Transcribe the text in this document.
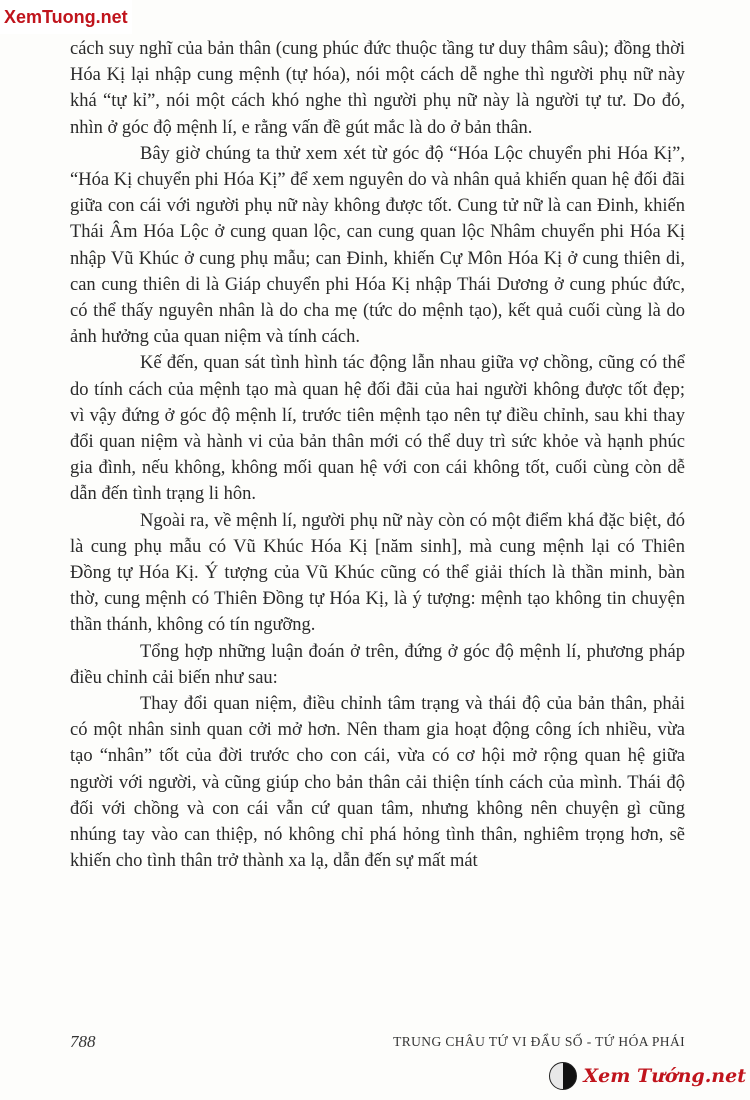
XemTuong.net

cách suy nghĩ của bản thân (cung phúc đức thuộc tầng tư duy thâm sâu); đồng thời Hóa Kị lại nhập cung mệnh (tự hóa), nói một cách dễ nghe thì người phụ nữ này khá “tự kỉ”, nói một cách khó nghe thì người phụ nữ này là người tự tư. Do đó, nhìn ở góc độ mệnh lí, e rằng vấn đề gút mắc là do ở bản thân.

Bây giờ chúng ta thử xem xét từ góc độ “Hóa Lộc chuyển phi Hóa Kị”, “Hóa Kị chuyển phi Hóa Kị” để xem nguyên do và nhân quả khiến quan hệ đối đãi giữa con cái với người phụ nữ này không được tốt. Cung tử nữ là can Đinh, khiến Thái Âm Hóa Lộc ở cung quan lộc, can cung quan lộc Nhâm chuyển phi Hóa Kị nhập Vũ Khúc ở cung phụ mẫu; can Đinh, khiến Cự Môn Hóa Kị ở cung thiên di, can cung thiên di là Giáp chuyển phi Hóa Kị nhập Thái Dương ở cung phúc đức, có thể thấy nguyên nhân là do cha mẹ (tức do mệnh tạo), kết quả cuối cùng là do ảnh hưởng của quan niệm và tính cách.

Kế đến, quan sát tình hình tác động lẫn nhau giữa vợ chồng, cũng có thể do tính cách của mệnh tạo mà quan hệ đối đãi của hai người không được tốt đẹp; vì vậy đứng ở góc độ mệnh lí, trước tiên mệnh tạo nên tự điều chỉnh, sau khi thay đổi quan niệm và hành vi của bản thân mới có thể duy trì sức khỏe và hạnh phúc gia đình, nếu không, không mối quan hệ với con cái không tốt, cuối cùng còn dễ dẫn đến tình trạng li hôn.

Ngoài ra, về mệnh lí, người phụ nữ này còn có một điểm khá đặc biệt, đó là cung phụ mẫu có Vũ Khúc Hóa Kị [năm sinh], mà cung mệnh lại có Thiên Đồng tự Hóa Kị. Ý tượng của Vũ Khúc cũng có thể giải thích là thần minh, bàn thờ, cung mệnh có Thiên Đồng tự Hóa Kị, là ý tượng: mệnh tạo không tin chuyện thần thánh, không có tín ngưỡng.

Tổng hợp những luận đoán ở trên, đứng ở góc độ mệnh lí, phương pháp điều chỉnh cải biến như sau:

Thay đổi quan niệm, điều chỉnh tâm trạng và thái độ của bản thân, phải có một nhân sinh quan cởi mở hơn. Nên tham gia hoạt động công ích nhiều, vừa tạo “nhân” tốt của đời trước cho con cái, vừa có cơ hội mở rộng quan hệ giữa người với người, và cũng giúp cho bản thân cải thiện tính cách của mình. Thái độ đối với chồng và con cái vẫn cứ quan tâm, nhưng không nên chuyện gì cũng nhúng tay vào can thiệp, nó không chỉ phá hỏng tình thân, nghiêm trọng hơn, sẽ khiến cho tình thân trở thành xa lạ, dẫn đến sự mất mát

788	TRUNG CHÂU TỨ VI ĐẨU SỐ - TỨ HÓA PHÁI
Xem Tướng.net
